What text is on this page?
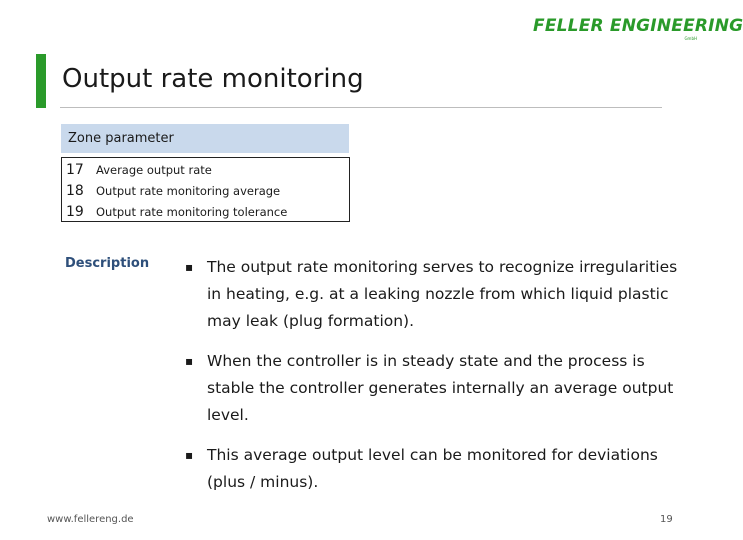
FELLER ENGINEERING
GmbH
Output rate monitoring
Zone parameter
17	Average output rate
18	Output rate monitoring average
19	Output rate monitoring tolerance
Description	▪ The output rate monitoring serves to recognize irregularities in heating, e.g. at a leaking nozzle from which liquid plastic may leak (plug formation).
▪ When the controller is in steady state and the process is stable the controller generates internally an average output level.
▪ This average output level can be monitored for deviations (plus / minus).
www.fellereng.de	19
